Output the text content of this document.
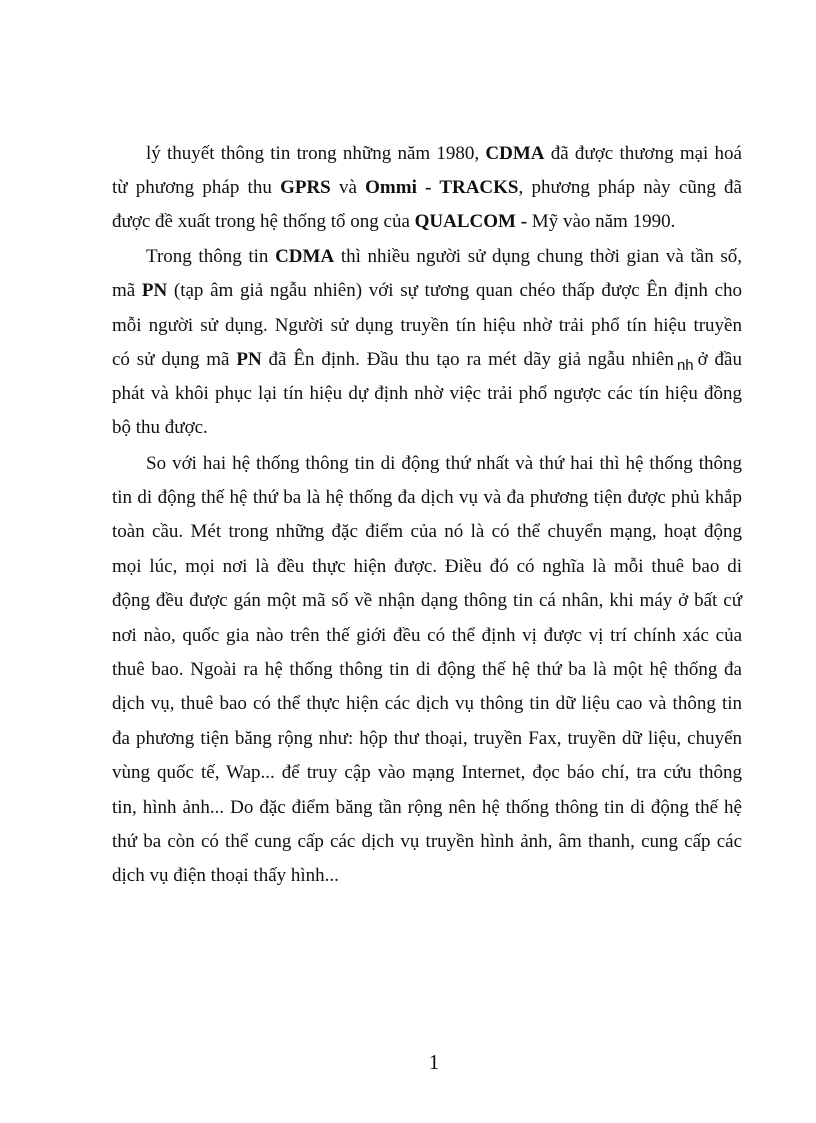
lý thuyết thông tin trong những năm 1980, CDMA đã được thương mại hoá
từ phương pháp thu GPRS và Ommi - TRACKS, phương pháp này cũng đã
được đề xuất trong hệ thống tổ ong của QUALCOM - Mỹ vào năm 1990.
Trong thông tin CDMA thì nhiều người sử dụng chung thời gian và tần số,
mã PN (tạp âm giả ngẫu nhiên) với sự tương quan chéo thấp được Ên định cho
mỗi người sử dụng. Người sử dụng truyền tín hiệu nhờ trải phổ tín hiệu truyền
có sử dụng mã PN đã Ên định. Đầu thu tạo ra mét dãy giả ngẫu nhiên $_{nh}$ ở đầu
phát và khôi phục lại tín hiệu dự định nhờ việc trải phổ ngược các tín hiệu đồng
bộ thu được.
So với hai hệ thống thông tin di động thứ nhất và thứ hai thì hệ thống thông
tin di động thế hệ thứ ba là hệ thống đa dịch vụ và đa phương tiện được phủ khắp
toàn cầu. Mét trong những đặc điểm của nó là có thể chuyển mạng, hoạt động
mọi lúc, mọi nơi là đều thực hiện được. Điều đó có nghĩa là mỗi thuê bao di
động đều được gán một mã số về nhận dạng thông tin cá nhân, khi máy ở bất cứ
nơi nào, quốc gia nào trên thế giới đều có thể định vị được vị trí chính xác của
thuê bao. Ngoài ra hệ thống thông tin di động thế hệ thứ ba là một hệ thống đa
dịch vụ, thuê bao có thể thực hiện các dịch vụ thông tin dữ liệu cao và thông tin
đa phương tiện băng rộng như: hộp thư thoại, truyền Fax, truyền dữ liệu, chuyển
vùng quốc tế, Wap... để truy cập vào mạng Internet, đọc báo chí, tra cứu thông
tin, hình ảnh... Do đặc điểm băng tần rộng nên hệ thống thông tin di động thế hệ
thứ ba còn có thể cung cấp các dịch vụ truyền hình ảnh, âm thanh, cung cấp các
dịch vụ điện thoại thấy hình...
1
